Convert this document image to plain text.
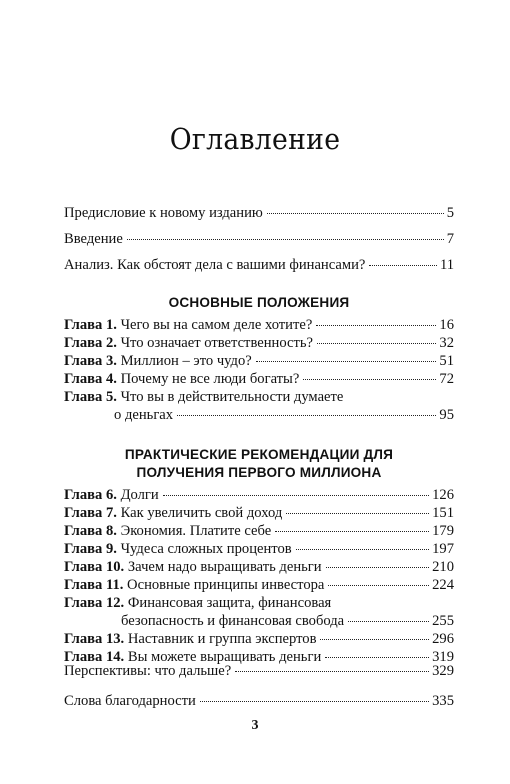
Оглавление
Предисловие к новому изданию	5
Введение	7
Анализ. Как обстоят дела с вашими финансами?	11
ОСНОВНЫЕ ПОЛОЖЕНИЯ
Глава 1. Чего вы на самом деле хотите?	16
Глава 2. Что означает ответственность?	32
Глава 3. Миллион – это чудо?	51
Глава 4. Почему не все люди богаты?	72
Глава 5. Что вы в действительности думаете
о деньгах	95
ПРАКТИЧЕСКИЕ РЕКОМЕНДАЦИИ ДЛЯ
ПОЛУЧЕНИЯ ПЕРВОГО МИЛЛИОНА
Глава 6. Долги	126
Глава 7. Как увеличить свой доход	151
Глава 8. Экономия. Платите себе	179
Глава 9. Чудеса сложных процентов	197
Глава 10. Зачем надо выращивать деньги	210
Глава 11. Основные принципы инвестора	224
Глава 12. Финансовая защита, финансовая
безопасность и финансовая свобода	255
Глава 13. Наставник и группа экспертов	296
Глава 14. Вы можете выращивать деньги	319
Перспективы: что дальше?	329
Слова благодарности	335
3
